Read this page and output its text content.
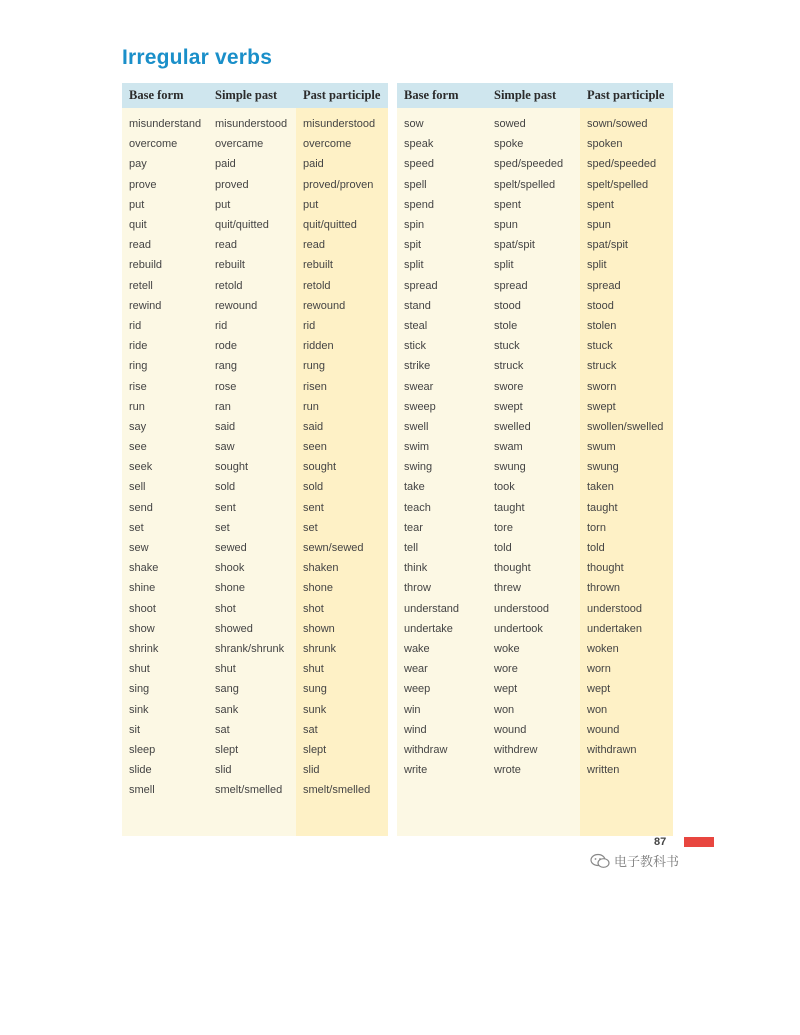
Irregular verbs
Base form	Simple past	Past participle
misunderstand	misunderstood	misunderstood
overcome	overcame	overcome
pay	paid	paid
prove	proved	proved/proven
put	put	put
quit	quit/quitted	quit/quitted
read	read	read
rebuild	rebuilt	rebuilt
retell	retold	retold
rewind	rewound	rewound
rid	rid	rid
ride	rode	ridden
ring	rang	rung
rise	rose	risen
run	ran	run
say	said	said
see	saw	seen
seek	sought	sought
sell	sold	sold
send	sent	sent
set	set	set
sew	sewed	sewn/sewed
shake	shook	shaken
shine	shone	shone
shoot	shot	shot
show	showed	shown
shrink	shrank/shrunk	shrunk
shut	shut	shut
sing	sang	sung
sink	sank	sunk
sit	sat	sat
sleep	slept	slept
slide	slid	slid
smell	smelt/smelled	smelt/smelled
Base form	Simple past	Past participle
sow	sowed	sown/sowed
speak	spoke	spoken
speed	sped/speeded	sped/speeded
spell	spelt/spelled	spelt/spelled
spend	spent	spent
spin	spun	spun
spit	spat/spit	spat/spit
split	split	split
spread	spread	spread
stand	stood	stood
steal	stole	stolen
stick	stuck	stuck
strike	struck	struck
swear	swore	sworn
sweep	swept	swept
swell	swelled	swollen/swelled
swim	swam	swum
swing	swung	swung
take	took	taken
teach	taught	taught
tear	tore	torn
tell	told	told
think	thought	thought
throw	threw	thrown
understand	understood	understood
undertake	undertook	undertaken
wake	woke	woken
wear	wore	worn
weep	wept	wept
win	won	won
wind	wound	wound
withdraw	withdrew	withdrawn
write	wrote	written
87
电子教科书
